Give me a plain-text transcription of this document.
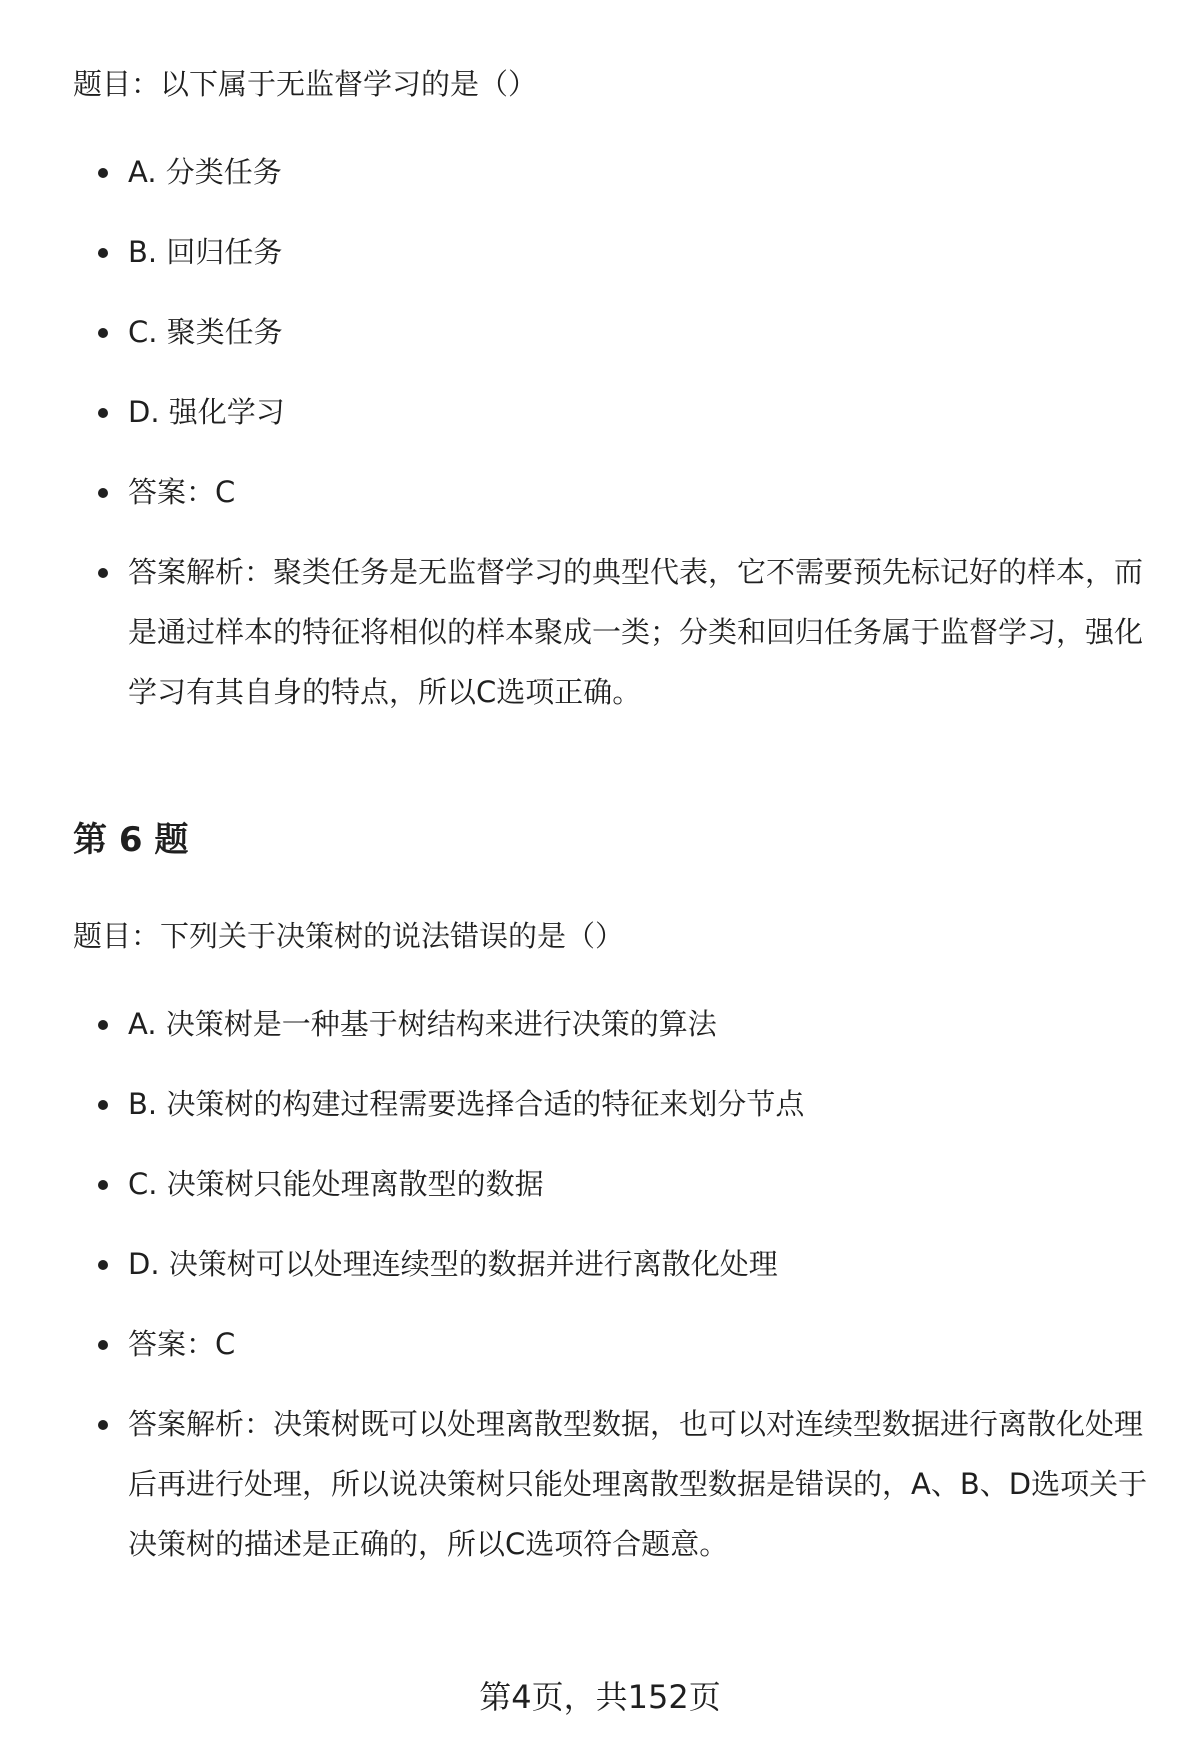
题目：以下属于无监督学习的是（）
A. 分类任务
B. 回归任务
C. 聚类任务
D. 强化学习
答案：C
答案解析：聚类任务是无监督学习的典型代表，它不需要预先标记好的样本，而是通过样本的特征将相似的样本聚成一类；分类和回归任务属于监督学习，强化学习有其自身的特点，所以C选项正确。
第 6 题
题目：下列关于决策树的说法错误的是（）
A. 决策树是一种基于树结构来进行决策的算法
B. 决策树的构建过程需要选择合适的特征来划分节点
C. 决策树只能处理离散型的数据
D. 决策树可以处理连续型的数据并进行离散化处理
答案：C
答案解析：决策树既可以处理离散型数据，也可以对连续型数据进行离散化处理后再进行处理，所以说决策树只能处理离散型数据是错误的，A、B、D选项关于决策树的描述是正确的，所以C选项符合题意。
第4页，共152页
